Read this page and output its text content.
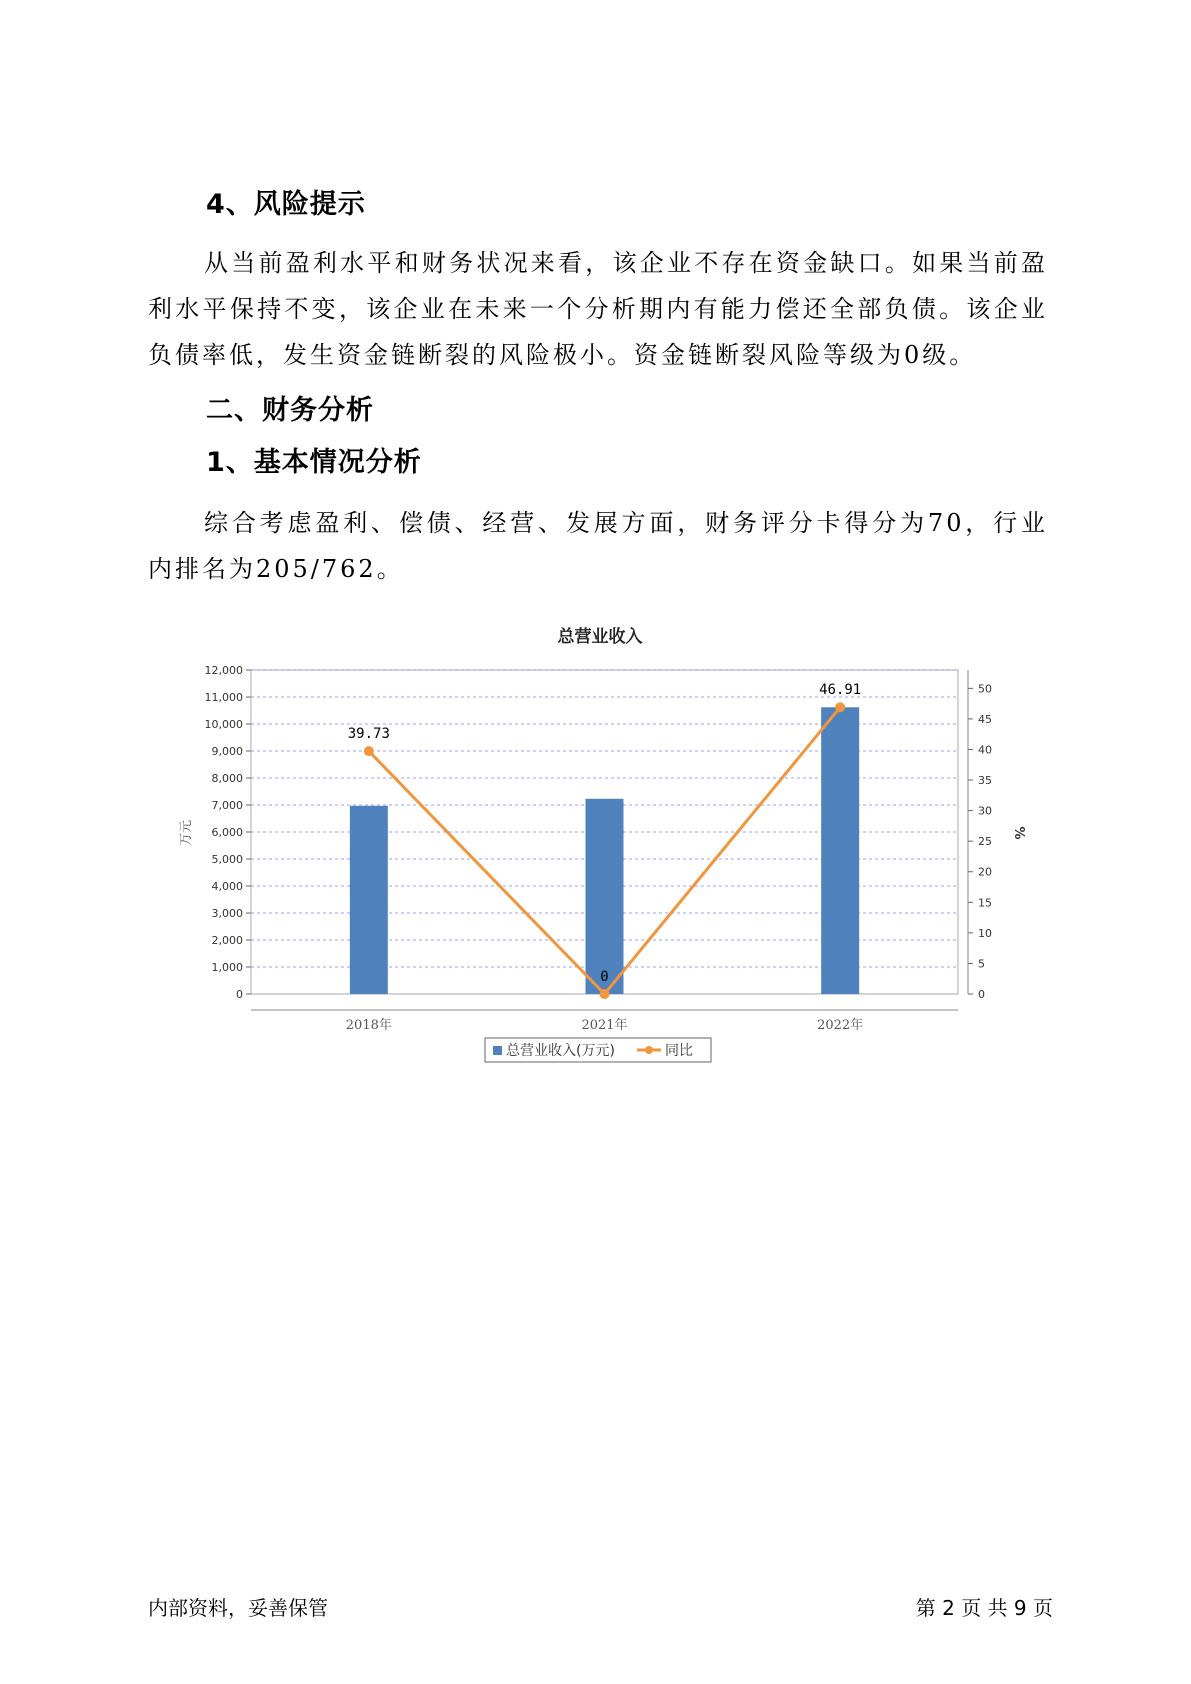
4、风险提示
从当前盈利水平和财务状况来看，该企业不存在资金缺口。如果当前盈利水平保持不变，该企业在未来一个分析期内有能力偿还全部负债。该企业负债率低，发生资金链断裂的风险极小。资金链断裂风险等级为0级。
二、财务分析
1、基本情况分析
综合考虑盈利、偿债、经营、发展方面，财务评分卡得分为70，行业内排名为205/762。
总营业收入
0
1,000
2,000
3,000
4,000
5,000
6,000
7,000
8,000
9,000
10,000
11,000
12,000
0
5
10
15
20
25
30
35
40
45
50
39.73
0
46.91
2018年	2021年	2022年
万元	%
总营业收入(万元)	同比
内部资料，妥善保管	第 2 页 共 9 页
